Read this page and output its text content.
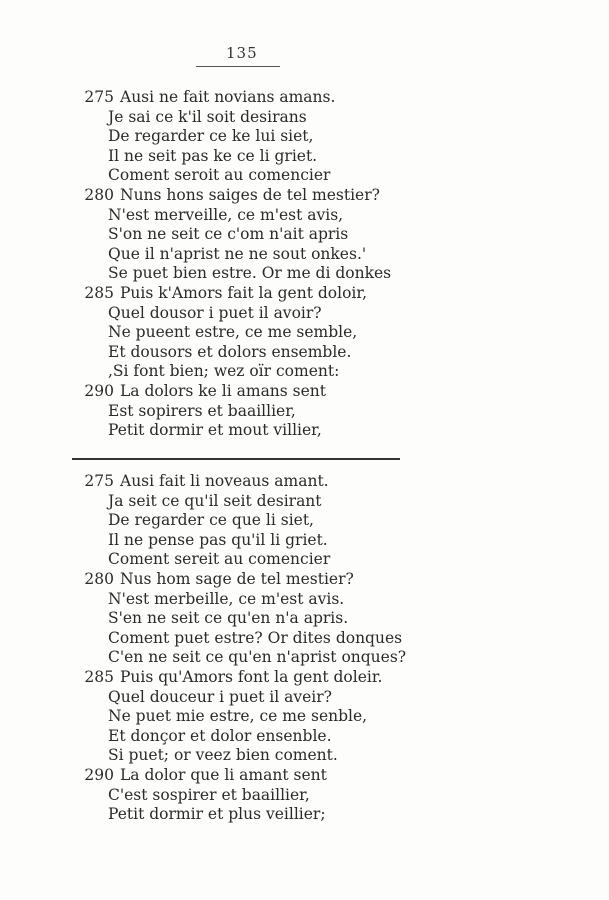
135
275 Ausi ne fait novians amans.
Je sai ce k'il soit desirans
De regarder ce ke lui siet,
Il ne seit pas ke ce li griet.
Coment seroit au comencier
280 Nuns hons saiges de tel mestier?
N'est merveille, ce m'est avis,
S'on ne seit ce c'om n'ait apris
Que il n'aprist ne ne sout onkes.'
Se puet bien estre. Or me di donkes
285 Puis k'Amors fait la gent doloir,
Quel dousor i puet il avoir?
Ne pueent estre, ce me semble,
Et dousors et dolors ensemble.
,Si font bien; wez oïr coment:
290 La dolors ke li amans sent
Est sopirers et baaillier,
Petit dormir et mout villier,
275 Ausi fait li noveaus amant.
Ja seit ce qu'il seit desirant
De regarder ce que li siet,
Il ne pense pas qu'il li griet.
Coment sereit au comencier
280 Nus hom sage de tel mestier?
N'est merbeille, ce m'est avis.
S'en ne seit ce qu'en n'a apris.
Coment puet estre? Or dites donques
C'en ne seit ce qu'en n'aprist onques?
285 Puis qu'Amors font la gent doleir.
Quel douceur i puet il aveir?
Ne puet mie estre, ce me senble,
Et donçor et dolor ensenble.
Si puet; or veez bien coment.
290 La dolor que li amant sent
C'est sospirer et baaillier,
Petit dormir et plus veillier;
